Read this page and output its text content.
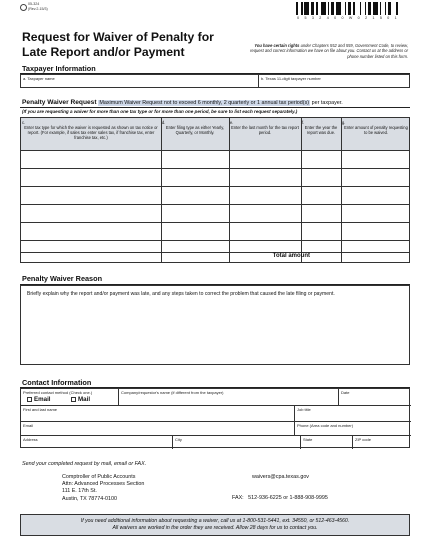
05-324
(Rev.2-15/3)
0 5 3 2 4 0 0 W 0 2 1 5 0 1
Request for Waiver of Penalty for
Late Report and/or Payment	You have certain rights under Chapters 552 and 559, Government Code, to review, request and correct information we have on file about you. Contact us at the address or phone number listed on this form.
Taxpayer Information
a. Taxpayer name	b. Texas 11-digit taxpayer number
Penalty Waiver Request Maximum Waiver Request not to exceed 6 monthly, 2 quarterly or 1 annual tax period(s) per taxpayer.
(If you are requesting a waiver for more than one tax type or for more than one period, be sure to list each request separately.)
c.
Enter tax type for which the waiver is requested as shown on tax notice or report. (For example, if sales tax enter sales tax, if franchise tax, enter franchise tax, etc.)
d.
Enter filing type as either Yearly, Quarterly, or Monthly.
e.
Enter the last month for the tax report period.
f.
Enter the year the report was due.
g.
Enter amount of penalty requesting to be waived.
Total amount
Penalty Waiver Reason
Briefly explain why the report and/or payment was late, and any steps taken to correct the problem that caused the late filing or payment.
Contact Information
Preferred contact method (Check one.)
Email	Mail
Company/requestor's name (if different from the taxpayer)	Date
First and last name	Job title
Email	Phone (Area code and number)
Address	City	State	ZIP code
Send your completed request by mail, email or FAX.
Comptroller of Public Accounts
Attn: Advanced Processes Section
111 E. 17th St.
Austin, TX 78774-0100
waivers@cpa.texas.gov
FAX:   512-936-6225 or 1-888-908-9995
If you need additional information about requesting a waiver, call us at 1-800-531-5441, ext. 34550, or 512-463-4560.
All waivers are worked in the order they are received. Allow 28 days for us to contact you.
